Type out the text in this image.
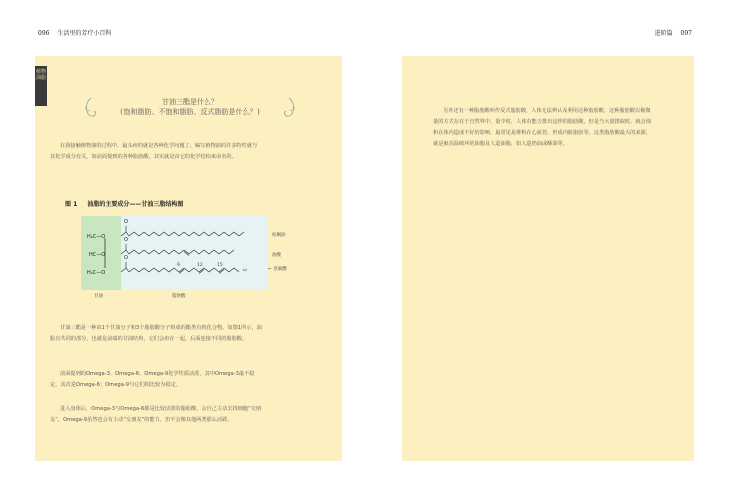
096 生活里的芳疗小百科	进阶篇 097
植物
油脂
甘油三酯是什么？
(饱和脂肪、不饱和脂肪、反式脂肪是什么？)
在我接触植物油的过程中，最头疼的就是各种化学问题了。编写植物油的许多特性就与其化学成分有关，如前面提到的各种脂肪酸，其实就是由它的化学结构来命名的。
图 1 油脂的主要成分——甘油三脂结构图
H₂C—O
HC—O
H₂C—O
O
O
O
9	12	15
ω
棕榈油
油酸
← 亚麻酸
甘油	脂肪酸
甘油三酯是一种由1个甘油分子和3个脂肪酸分子组成的酯类有机化合物。如图1所示，油脂有共同的部分，也就是前端的甘油结构，它们会串在一起，后面连接不同的脂肪酸。
前面提到的Omega-3、Omega-6、Omega-9化学性质活泼，其中Omega-3最不稳定，其次是Omega-6；Omega-9与它们相比较为稳定。
进入身体后，Omega-3与Omega-6都是比较活泼的脂肪酸，会自己主动去找细胞“交朋友”，Omega-9虽然也会有主动“交朋友”的能力，但不会像其他两类那么活跃。
另外还有一种脂肪酸叫作反式脂肪酸，人体无法辨认及利用这种脂肪酸。这种脂肪酸以极微量的方式存在于自然界中，量少时，人体有能力排出这样的脂肪酸，但是当大量摄取时，就会囤积在体内造成不好的影响，最常见是堆积在心血管，形成内脏脂肪等。这类脂肪酸最大的来源，就是被高温破坏的油脂及人造油脂，如人造奶油或酥油等。
